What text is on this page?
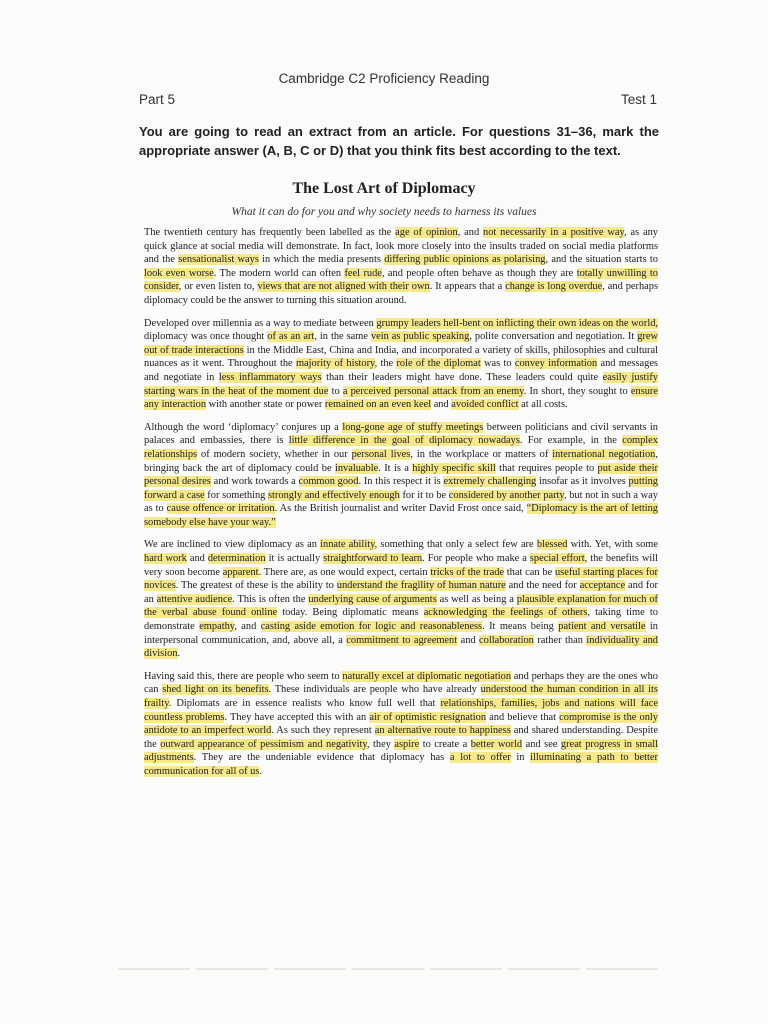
Cambridge C2 Proficiency Reading
Part 5	Test 1
You are going to read an extract from an article. For questions 31–36, mark the appropriate answer (A, B, C or D) that you think fits best according to the text.
The Lost Art of Diplomacy
What it can do for you and why society needs to harness its values

The twentieth century has frequently been labelled as the age of opinion, and not necessarily in a positive way, as any quick glance at social media will demonstrate. In fact, look more closely into the insults traded on social media platforms and the sensationalist ways in which the media presents differing public opinions as polarising, and the situation starts to look even worse. The modern world can often feel rude, and people often behave as though they are totally unwilling to consider, or even listen to, views that are not aligned with their own. It appears that a change is long overdue, and perhaps diplomacy could be the answer to turning this situation around.

Developed over millennia as a way to mediate between grumpy leaders hell-bent on inflicting their own ideas on the world, diplomacy was once thought of as an art, in the same vein as public speaking, polite conversation and negotiation. It grew out of trade interactions in the Middle East, China and India, and incorporated a variety of skills, philosophies and cultural nuances as it went. Throughout the majority of history, the role of the diplomat was to convey information and messages and negotiate in less inflammatory ways than their leaders might have done. These leaders could quite easily justify starting wars in the heat of the moment due to a perceived personal attack from an enemy. In short, they sought to ensure any interaction with another state or power remained on an even keel and avoided conflict at all costs.

Although the word ‘diplomacy’ conjures up a long-gone age of stuffy meetings between politicians and civil servants in palaces and embassies, there is little difference in the goal of diplomacy nowadays. For example, in the complex relationships of modern society, whether in our personal lives, in the workplace or matters of international negotiation, bringing back the art of diplomacy could be invaluable. It is a highly specific skill that requires people to put aside their personal desires and work towards a common good. In this respect it is extremely challenging insofar as it involves putting forward a case for something strongly and effectively enough for it to be considered by another party, but not in such a way as to cause offence or irritation. As the British journalist and writer David Frost once said, “Diplomacy is the art of letting somebody else have your way.”

We are inclined to view diplomacy as an innate ability, something that only a select few are blessed with. Yet, with some hard work and determination it is actually straightforward to learn. For people who make a special effort, the benefits will very soon become apparent. There are, as one would expect, certain tricks of the trade that can be useful starting places for novices. The greatest of these is the ability to understand the fragility of human nature and the need for acceptance and for an attentive audience. This is often the underlying cause of arguments as well as being a plausible explanation for much of the verbal abuse found online today. Being diplomatic means acknowledging the feelings of others, taking time to demonstrate empathy, and casting aside emotion for logic and reasonableness. It means being patient and versatile in interpersonal communication, and, above all, a commitment to agreement and collaboration rather than individuality and division.

Having said this, there are people who seem to naturally excel at diplomatic negotiation and perhaps they are the ones who can shed light on its benefits. These individuals are people who have already understood the human condition in all its frailty. Diplomats are in essence realists who know full well that relationships, families, jobs and nations will face countless problems. They have accepted this with an air of optimistic resignation and believe that compromise is the only antidote to an imperfect world. As such they represent an alternative route to happiness and shared understanding. Despite the outward appearance of pessimism and negativity, they aspire to create a better world and see great progress in small adjustments. They are the undeniable evidence that diplomacy has a lot to offer in illuminating a path to better communication for all of us.
